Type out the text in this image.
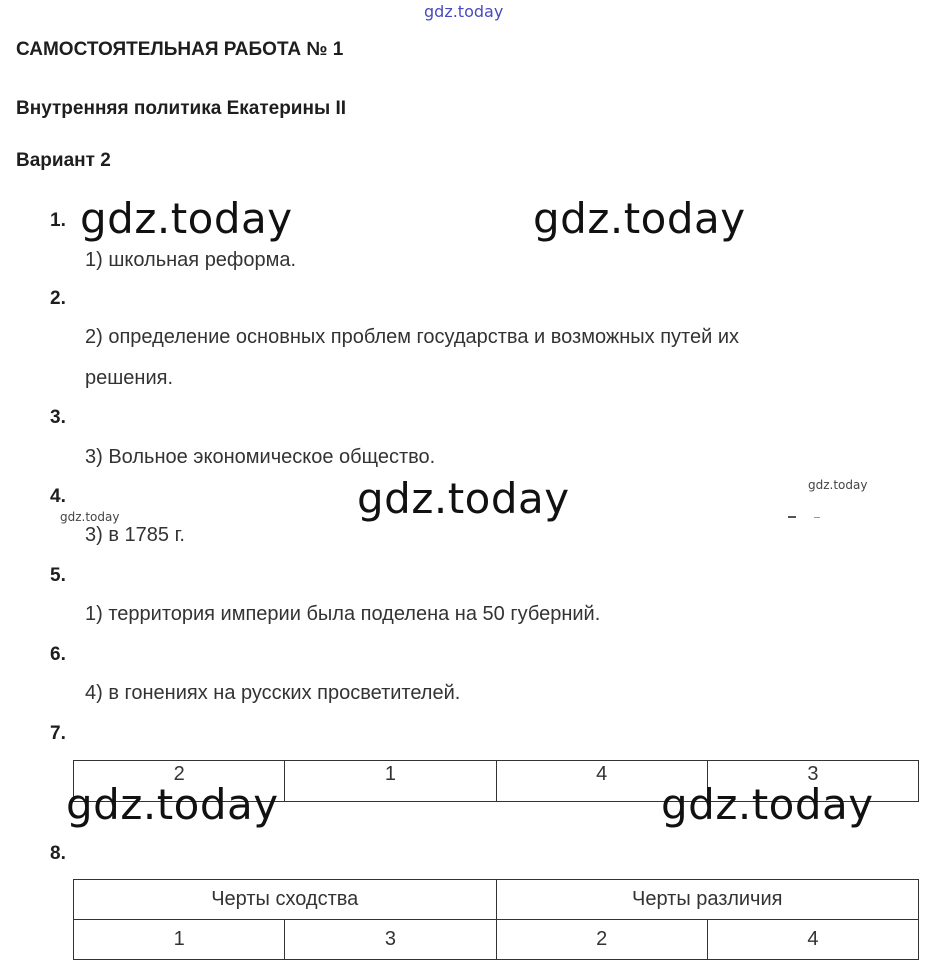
gdz.today
САМОСТОЯТЕЛЬНАЯ РАБОТА № 1
Внутренняя политика Екатерины II
Вариант 2
1.
1) школьная реформа.
2.
2) определение основных проблем государства и возможных путей их
решения.
3.
3) Вольное экономическое общество.
4.
3) в 1785 г.
5.
1) территория империи была поделена на 50 губерний.
6.
4) в гонениях на русских просветителей.
7.
2	1	4	3
8.
Черты сходства		Черты различия	
1	3	2	4
gdz.today	gdz.today
gdz.today	gdz.today
gdz.today
gdz.today	gdz.today
